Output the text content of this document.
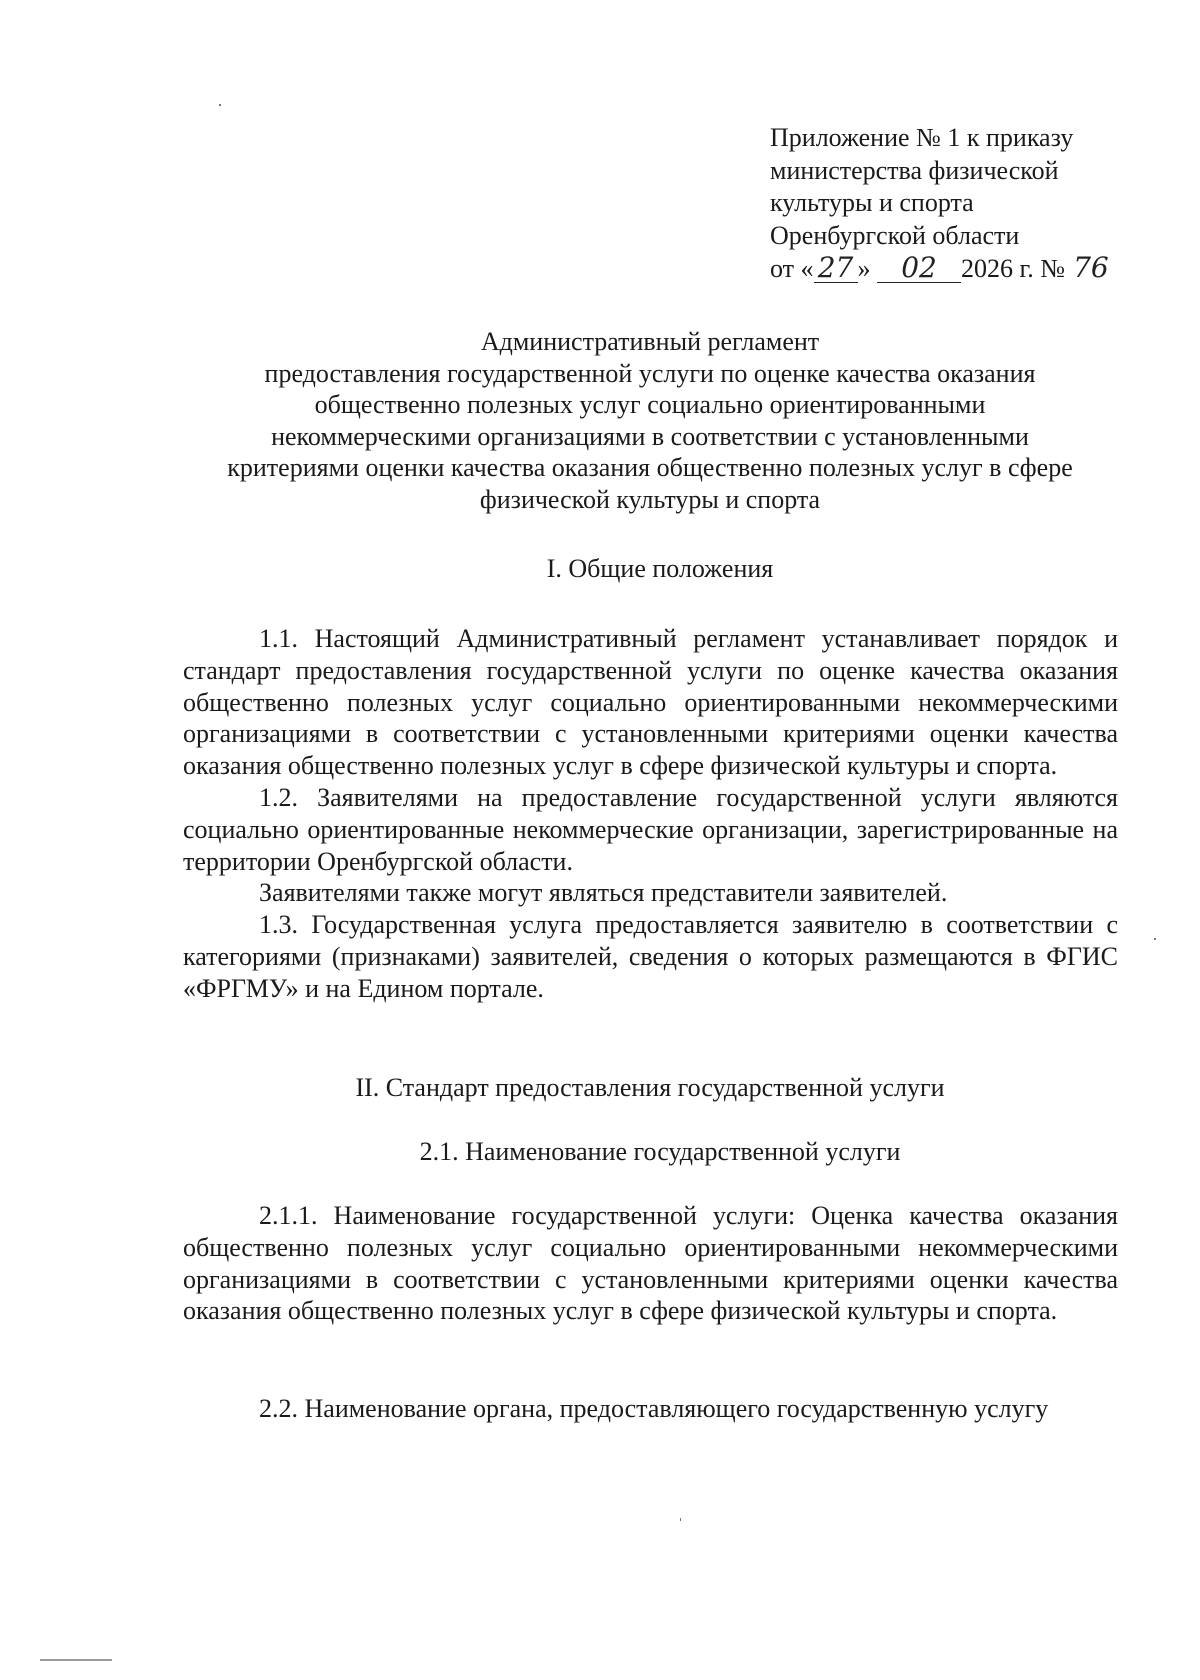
Приложение № 1 к приказу
министерства физической
культуры и спорта
Оренбургской области
от « 27 » 02 2026 г. № 76
Административный регламент
предоставления государственной услуги по оценке качества оказания
общественно полезных услуг социально ориентированными
некоммерческими организациями в соответствии с установленными
критериями оценки качества оказания общественно полезных услуг в сфере
физической культуры и спорта
I. Общие положения

1.1. Настоящий Административный регламент устанавливает порядок и стандарт предоставления государственной услуги по оценке качества оказания общественно полезных услуг социально ориентированными некоммерческими организациями в соответствии с установленными критериями оценки качества оказания общественно полезных услуг в сфере физической культуры и спорта.

1.2. Заявителями на предоставление государственной услуги являются социально ориентированные некоммерческие организации, зарегистрированные на территории Оренбургской области.

Заявителями также могут являться представители заявителей.

1.3. Государственная услуга предоставляется заявителю в соответствии с категориями (признаками) заявителей, сведения о которых размещаются в ФГИС «ФРГМУ» и на Едином портале.

II. Стандарт предоставления государственной услуги
2.1. Наименование государственной услуги

2.1.1. Наименование государственной услуги: Оценка качества оказания общественно полезных услуг социально ориентированными некоммерческими организациями в соответствии с установленными критериями оценки качества оказания общественно полезных услуг в сфере физической культуры и спорта.

2.2. Наименование органа, предоставляющего государственную услугу
